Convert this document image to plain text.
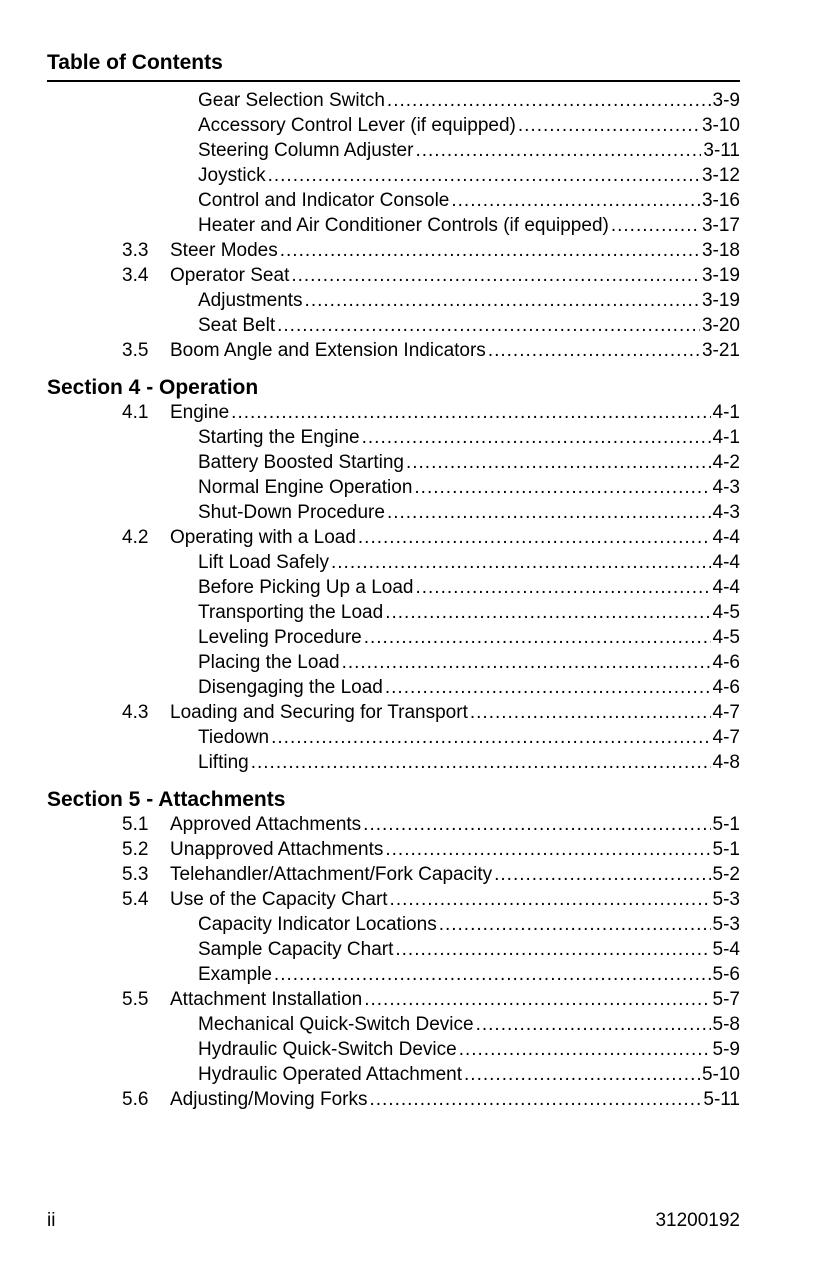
Table of Contents
Gear Selection Switch .....	3-9
Accessory Control Lever (if equipped) .....	3-10
Steering Column Adjuster .....	3-11
Joystick .....	3-12
Control and Indicator Console .....	3-16
Heater and Air Conditioner Controls (if equipped) .....	3-17
3.3 Steer Modes .....	3-18
3.4 Operator Seat .....	3-19
Adjustments .....	3-19
Seat Belt .....	3-20
3.5 Boom Angle and Extension Indicators .....	3-21
Section 4 - Operation
4.1 Engine .....	4-1
Starting the Engine .....	4-1
Battery Boosted Starting .....	4-2
Normal Engine Operation .....	4-3
Shut-Down Procedure .....	4-3
4.2 Operating with a Load .....	4-4
Lift Load Safely .....	4-4
Before Picking Up a Load .....	4-4
Transporting the Load .....	4-5
Leveling Procedure .....	4-5
Placing the Load .....	4-6
Disengaging the Load .....	4-6
4.3 Loading and Securing for Transport .....	4-7
Tiedown .....	4-7
Lifting .....	4-8
Section 5 - Attachments
5.1 Approved Attachments .....	5-1
5.2 Unapproved Attachments .....	5-1
5.3 Telehandler/Attachment/Fork Capacity .....	5-2
5.4 Use of the Capacity Chart .....	5-3
Capacity Indicator Locations .....	5-3
Sample Capacity Chart .....	5-4
Example .....	5-6
5.5 Attachment Installation .....	5-7
Mechanical Quick-Switch Device .....	5-8
Hydraulic Quick-Switch Device .....	5-9
Hydraulic Operated Attachment .....	5-10
5.6 Adjusting/Moving Forks .....	5-11
ii	31200192
